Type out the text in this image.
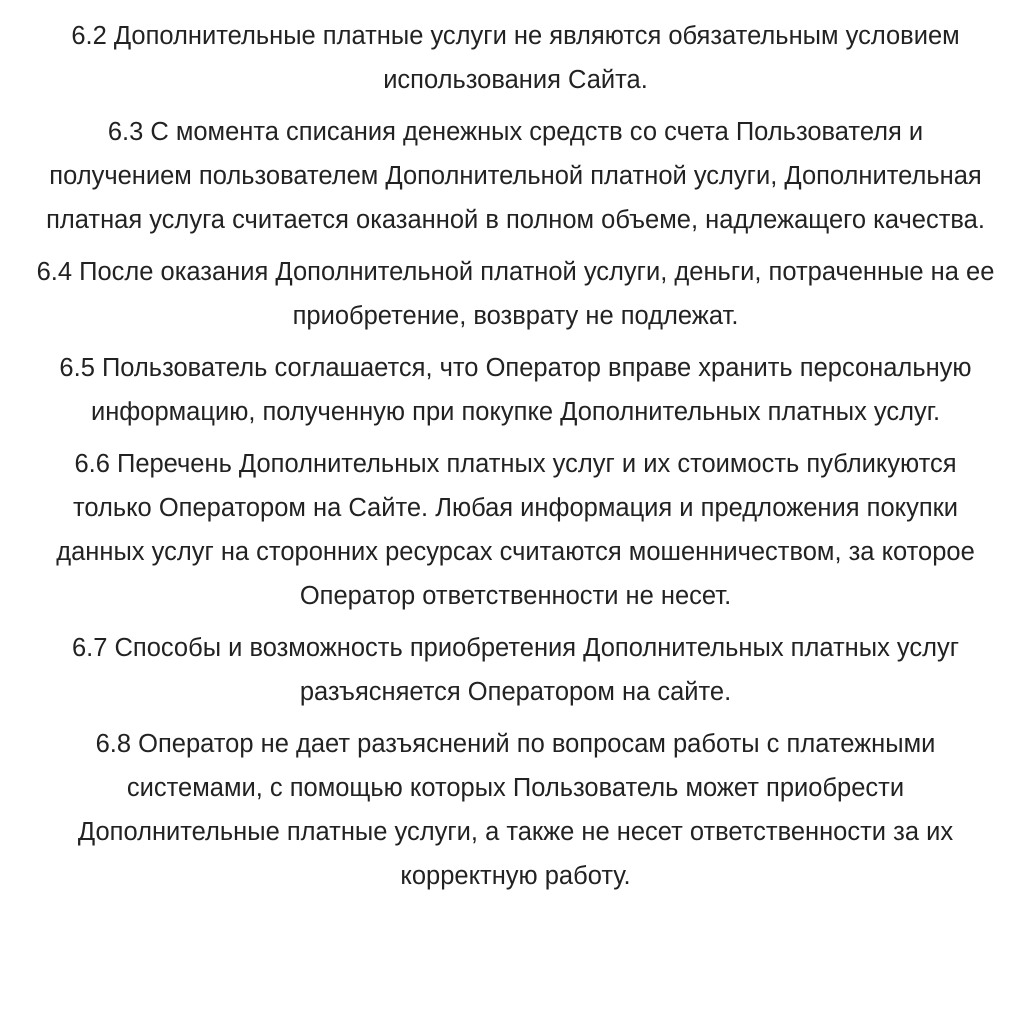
6.2 Дополнительные платные услуги не являются обязательным условием использования Сайта.

6.3 С момента списания денежных средств со счета Пользователя и получением пользователем Дополнительной платной услуги, Дополнительная платная услуга считается оказанной в полном объеме, надлежащего качества.

6.4 После оказания Дополнительной платной услуги, деньги, потраченные на ее приобретение, возврату не подлежат.

6.5 Пользователь соглашается, что Оператор вправе хранить персональную информацию, полученную при покупке Дополнительных платных услуг.

6.6 Перечень Дополнительных платных услуг и их стоимость публикуются только Оператором на Сайте. Любая информация и предложения покупки данных услуг на сторонних ресурсах считаются мошенничеством, за которое Оператор ответственности не несет.

6.7 Способы и возможность приобретения Дополнительных платных услуг разъясняется Оператором на сайте.

6.8 Оператор не дает разъяснений по вопросам работы с платежными системами, с помощью которых Пользователь может приобрести Дополнительные платные услуги, а также не несет ответственности за их корректную работу.
